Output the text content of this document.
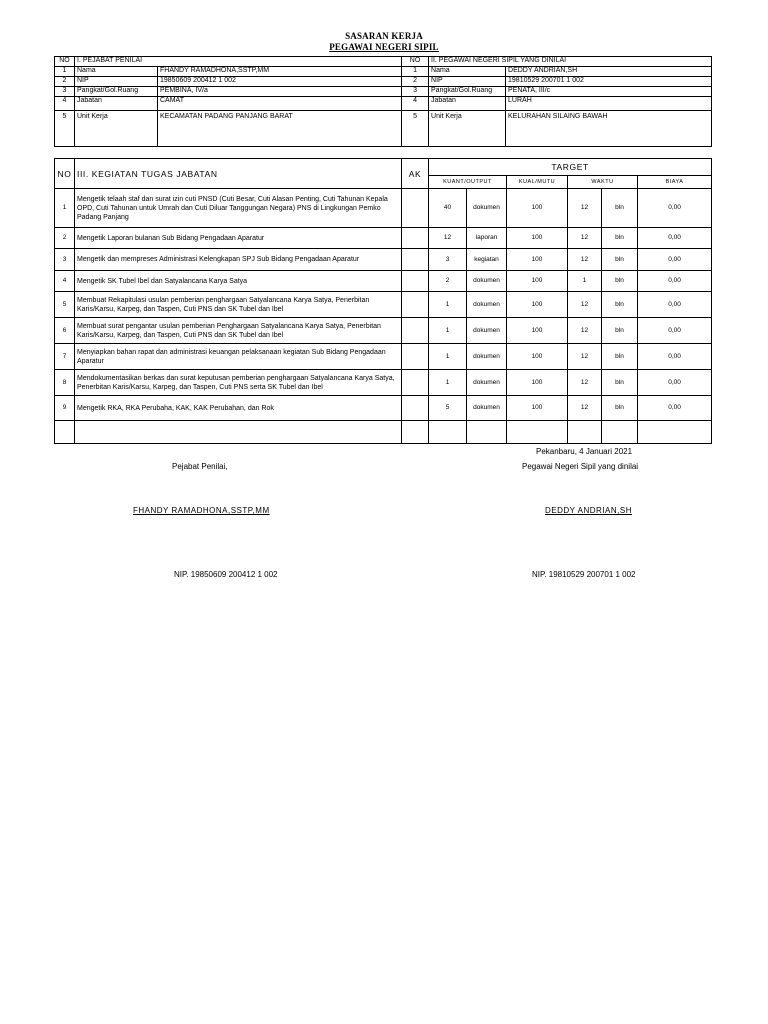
SASARAN KERJA
PEGAWAI NEGERI SIPIL
NO	I. PEJABAT PENILAI		NO	II. PEGAWAI NEGERI SIPIL YANG DINILAI	
1	Nama	FHANDY RAMADHONA,SSTP,MM	1	Nama	DEDDY ANDRIAN,SH
2	NIP	19850609 200412 1 002	2	NIP	19810529 200701 1 002
3	Pangkat/Gol.Ruang	PEMBINA, IV/a	3	Pangkat/Gol.Ruang	PENATA, III/c
4	Jabatan	CAMAT	4	Jabatan	LURAH
5	Unit Kerja	KECAMATAN PADANG PANJANG BARAT	5	Unit Kerja	KELURAHAN SILAING BAWAH
NO	III. KEGIATAN TUGAS JABATAN	AK	TARGET					
			KUANT/OUTPUT		KUAL/MUTU	WAKTU		BIAYA
1	Mengetik telaah staf dan surat izin cuti PNSD (Cuti Besar, Cuti Alasan Penting, Cuti Tahunan Kepala OPD, Cuti Tahunan untuk Umrah dan Cuti Diluar Tanggungan Negara) PNS di Lingkungan Pemko Padang Panjang		40	dokumen	100	12	bln	0,00
2	Mengetik Laporan bulanan Sub Bidang Pengadaan Aparatur		12	laporan	100	12	bln	0,00
3	Mengetik dan mempreses Administrasi Kelengkapan SPJ Sub Bidang Pengadaan Aparatur		3	kegiatan	100	12	bln	0,00
4	Mengetik SK Tubel Ibel dan Satyalancana Karya Satya		2	dokumen	100	1	bln	0,00
5	Membuat Rekapitulasi usulan pemberian penghargaan Satyalancana Karya Satya, Penerbitan Karis/Karsu, Karpeg, dan Taspen, Cuti PNS dan SK Tubel dan Ibel		1	dokumen	100	12	bln	0,00
6	Membuat surat pengantar usulan pemberian Penghargaan Satyalancana Karya Satya, Penerbitan Karis/Karsu, Karpeg, dan Taspen, Cuti PNS dan SK Tubel dan Ibel		1	dokumen	100	12	bln	0,00
7	Menyiapkan bahan rapat dan administrasi keuangan pelaksanaan kegiatan Sub Bidang Pengadaan Aparatur		1	dokumen	100	12	bln	0,00
8	Mendokumentasikan berkas dan surat keputusan pemberian penghargaan Satyalancana Karya Satya, Penerbitan Karis/Karsu, Karpeg, dan Taspen, Cuti PNS serta SK Tubel dan Ibel		1	dokumen	100	12	bln	0,00
9	Mengetik RKA, RKA Perubaha, KAK, KAK Perubahan, dan Rok		5	dokumen	100	12	bln	0,00

Pekanbaru, 4 Januari 2021
Pejabat Penilai,	Pegawai Negeri Sipil yang dinilai
FHANDY RAMADHONA,SSTP,MM	DEDDY ANDRIAN,SH
NIP. 19850609 200412 1 002	NIP. 19810529 200701 1 002
